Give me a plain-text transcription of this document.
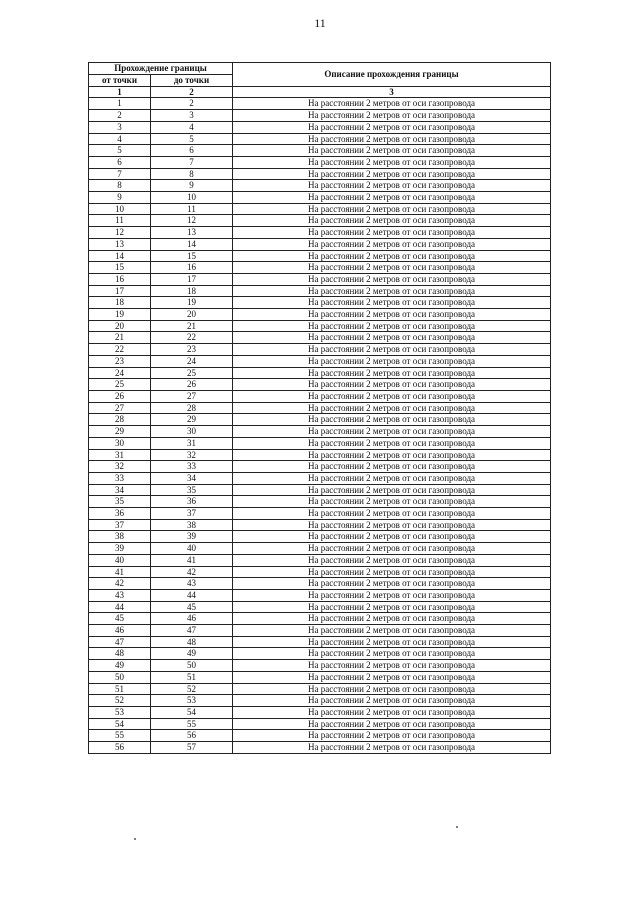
11
Прохождение границы		Описание прохождения границы
от точки	до точки	
1	2	3
1	2	На расстоянии 2 метров от оси газопровода
2	3	На расстоянии 2 метров от оси газопровода
3	4	На расстоянии 2 метров от оси газопровода
4	5	На расстоянии 2 метров от оси газопровода
5	6	На расстоянии 2 метров от оси газопровода
6	7	На расстоянии 2 метров от оси газопровода
7	8	На расстоянии 2 метров от оси газопровода
8	9	На расстоянии 2 метров от оси газопровода
9	10	На расстоянии 2 метров от оси газопровода
10	11	На расстоянии 2 метров от оси газопровода
11	12	На расстоянии 2 метров от оси газопровода
12	13	На расстоянии 2 метров от оси газопровода
13	14	На расстоянии 2 метров от оси газопровода
14	15	На расстоянии 2 метров от оси газопровода
15	16	На расстоянии 2 метров от оси газопровода
16	17	На расстоянии 2 метров от оси газопровода
17	18	На расстоянии 2 метров от оси газопровода
18	19	На расстоянии 2 метров от оси газопровода
19	20	На расстоянии 2 метров от оси газопровода
20	21	На расстоянии 2 метров от оси газопровода
21	22	На расстоянии 2 метров от оси газопровода
22	23	На расстоянии 2 метров от оси газопровода
23	24	На расстоянии 2 метров от оси газопровода
24	25	На расстоянии 2 метров от оси газопровода
25	26	На расстоянии 2 метров от оси газопровода
26	27	На расстоянии 2 метров от оси газопровода
27	28	На расстоянии 2 метров от оси газопровода
28	29	На расстоянии 2 метров от оси газопровода
29	30	На расстоянии 2 метров от оси газопровода
30	31	На расстоянии 2 метров от оси газопровода
31	32	На расстоянии 2 метров от оси газопровода
32	33	На расстоянии 2 метров от оси газопровода
33	34	На расстоянии 2 метров от оси газопровода
34	35	На расстоянии 2 метров от оси газопровода
35	36	На расстоянии 2 метров от оси газопровода
36	37	На расстоянии 2 метров от оси газопровода
37	38	На расстоянии 2 метров от оси газопровода
38	39	На расстоянии 2 метров от оси газопровода
39	40	На расстоянии 2 метров от оси газопровода
40	41	На расстоянии 2 метров от оси газопровода
41	42	На расстоянии 2 метров от оси газопровода
42	43	На расстоянии 2 метров от оси газопровода
43	44	На расстоянии 2 метров от оси газопровода
44	45	На расстоянии 2 метров от оси газопровода
45	46	На расстоянии 2 метров от оси газопровода
46	47	На расстоянии 2 метров от оси газопровода
47	48	На расстоянии 2 метров от оси газопровода
48	49	На расстоянии 2 метров от оси газопровода
49	50	На расстоянии 2 метров от оси газопровода
50	51	На расстоянии 2 метров от оси газопровода
51	52	На расстоянии 2 метров от оси газопровода
52	53	На расстоянии 2 метров от оси газопровода
53	54	На расстоянии 2 метров от оси газопровода
54	55	На расстоянии 2 метров от оси газопровода
55	56	На расстоянии 2 метров от оси газопровода
56	57	На расстоянии 2 метров от оси газопровода
